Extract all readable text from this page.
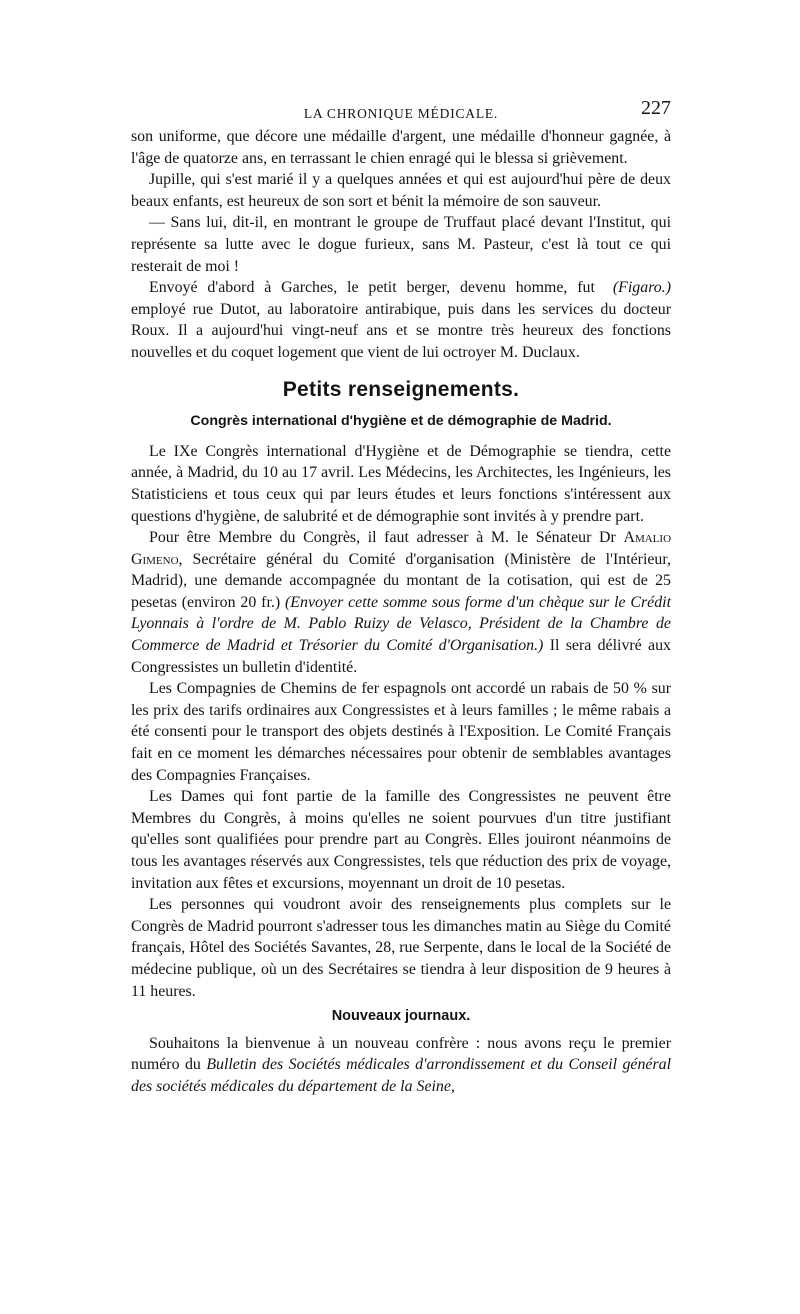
LA CHRONIQUE MÉDICALE.	227

son uniforme, que décore une médaille d'argent, une médaille d'honneur gagnée, à l'âge de quatorze ans, en terrassant le chien enragé qui le blessa si grièvement.

Jupille, qui s'est marié il y a quelques années et qui est aujourd'hui père de deux beaux enfants, est heureux de son sort et bénit la mémoire de son sauveur.

— Sans lui, dit-il, en montrant le groupe de Truffaut placé devant l'Institut, qui représente sa lutte avec le dogue furieux, sans M. Pasteur, c'est là tout ce qui resterait de moi !

(Figaro.)
Envoyé d'abord à Garches, le petit berger, devenu homme, fut employé rue Dutot, au laboratoire antirabique, puis dans les services du docteur Roux. Il a aujourd'hui vingt-neuf ans et se montre très heureux des fonctions nouvelles et du coquet logement que vient de lui octroyer M. Duclaux.

Petits renseignements.
Congrès international d'hygiène et de démographie de Madrid.

Le IXe Congrès international d'Hygiène et de Démographie se tiendra, cette année, à Madrid, du 10 au 17 avril. Les Médecins, les Architectes, les Ingénieurs, les Statisticiens et tous ceux qui par leurs études et leurs fonctions s'intéressent aux questions d'hygiène, de salubrité et de démographie sont invités à y prendre part.

Pour être Membre du Congrès, il faut adresser à M. le Sénateur Dr Amalio Gimeno, Secrétaire général du Comité d'organisation (Ministère de l'Intérieur, Madrid), une demande accompagnée du montant de la cotisation, qui est de 25 pesetas (environ 20 fr.) (Envoyer cette somme sous forme d'un chèque sur le Crédit Lyonnais à l'ordre de M. Pablo Ruizy de Velasco, Président de la Chambre de Commerce de Madrid et Trésorier du Comité d'Organisation.) Il sera délivré aux Congressistes un bulletin d'identité.

Les Compagnies de Chemins de fer espagnols ont accordé un rabais de 50 % sur les prix des tarifs ordinaires aux Congressistes et à leurs familles ; le même rabais a été consenti pour le transport des objets destinés à l'Exposition. Le Comité Français fait en ce moment les démarches nécessaires pour obtenir de semblables avantages des Compagnies Françaises.

Les Dames qui font partie de la famille des Congressistes ne peuvent être Membres du Congrès, à moins qu'elles ne soient pourvues d'un titre justifiant qu'elles sont qualifiées pour prendre part au Congrès. Elles jouiront néanmoins de tous les avantages réservés aux Congressistes, tels que réduction des prix de voyage, invitation aux fêtes et excursions, moyennant un droit de 10 pesetas.

Les personnes qui voudront avoir des renseignements plus complets sur le Congrès de Madrid pourront s'adresser tous les dimanches matin au Siège du Comité français, Hôtel des Sociétés Savantes, 28, rue Serpente, dans le local de la Société de médecine publique, où un des Secrétaires se tiendra à leur disposition de 9 heures à 11 heures.

Nouveaux journaux.

Souhaitons la bienvenue à un nouveau confrère : nous avons reçu le premier numéro du Bulletin des Sociétés médicales d'arrondissement et du Conseil général des sociétés médicales du département de la Seine,
